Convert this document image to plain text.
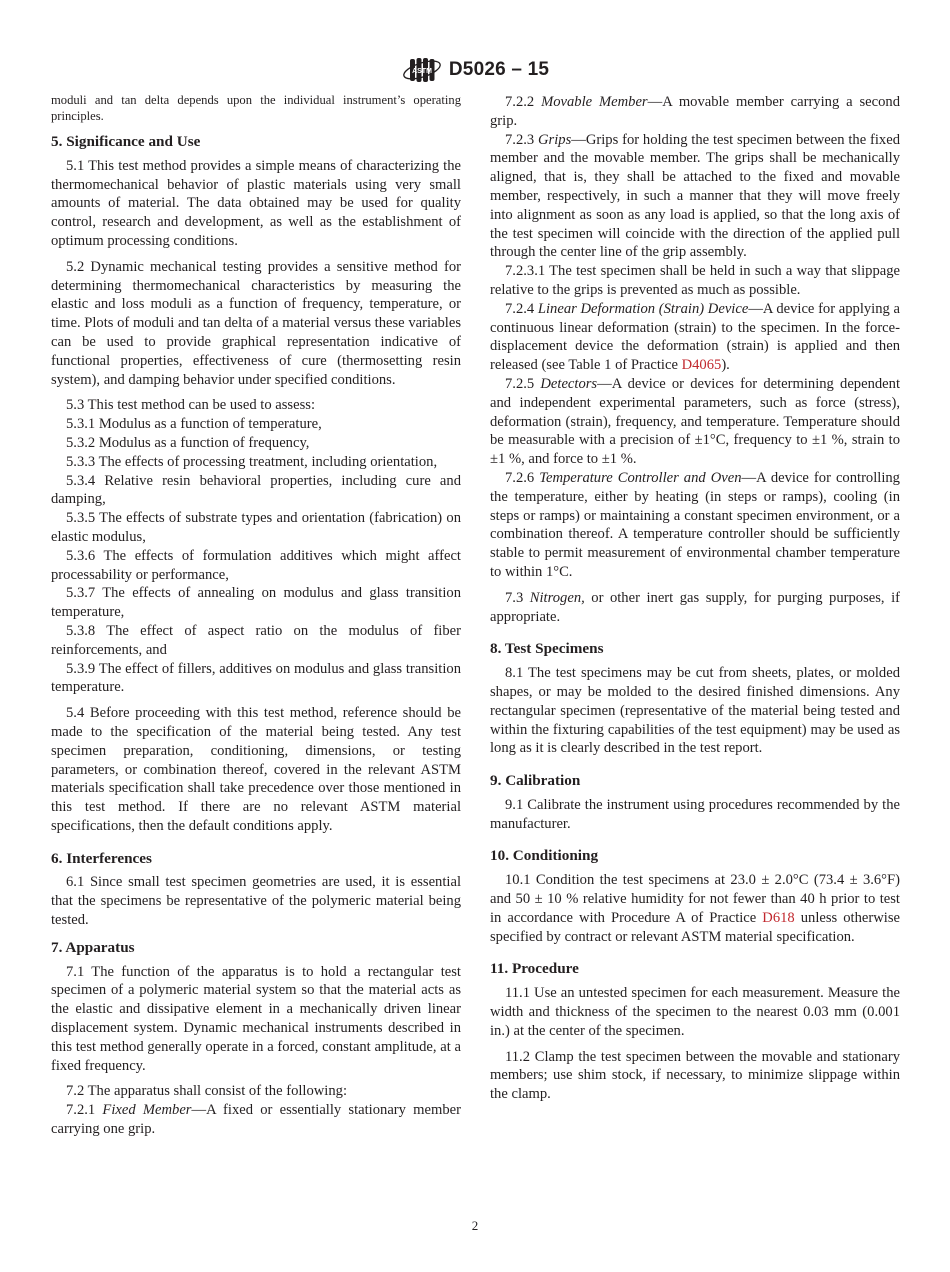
ASTM D5026 – 15

moduli and tan delta depends upon the individual instrument’s operating principles.

5. Significance and Use

5.1 This test method provides a simple means of characterizing the thermomechanical behavior of plastic materials using very small amounts of material. The data obtained may be used for quality control, research and development, as well as the establishment of optimum processing conditions.

5.2 Dynamic mechanical testing provides a sensitive method for determining thermomechanical characteristics by measuring the elastic and loss moduli as a function of frequency, temperature, or time. Plots of moduli and tan delta of a material versus these variables can be used to provide graphical representation indicative of functional properties, effectiveness of cure (thermosetting resin system), and damping behavior under specified conditions.

5.3 This test method can be used to assess:

5.3.1 Modulus as a function of temperature,

5.3.2 Modulus as a function of frequency,

5.3.3 The effects of processing treatment, including orientation,

5.3.4 Relative resin behavioral properties, including cure and damping,

5.3.5 The effects of substrate types and orientation (fabrication) on elastic modulus,

5.3.6 The effects of formulation additives which might affect processability or performance,

5.3.7 The effects of annealing on modulus and glass transition temperature,

5.3.8 The effect of aspect ratio on the modulus of fiber reinforcements, and

5.3.9 The effect of fillers, additives on modulus and glass transition temperature.

5.4 Before proceeding with this test method, reference should be made to the specification of the material being tested. Any test specimen preparation, conditioning, dimensions, or testing parameters, or combination thereof, covered in the relevant ASTM materials specification shall take precedence over those mentioned in this test method. If there are no relevant ASTM material specifications, then the default conditions apply.

6. Interferences

6.1 Since small test specimen geometries are used, it is essential that the specimens be representative of the polymeric material being tested.

7. Apparatus

7.1 The function of the apparatus is to hold a rectangular test specimen of a polymeric material system so that the material acts as the elastic and dissipative element in a mechanically driven linear displacement system. Dynamic mechanical instruments described in this test method generally operate in a forced, constant amplitude, at a fixed frequency.

7.2 The apparatus shall consist of the following:

7.2.1 Fixed Member—A fixed or essentially stationary member carrying one grip.

7.2.2 Movable Member—A movable member carrying a second grip.

7.2.3 Grips—Grips for holding the test specimen between the fixed member and the movable member. The grips shall be mechanically aligned, that is, they shall be attached to the fixed and movable member, respectively, in such a manner that they will move freely into alignment as soon as any load is applied, so that the long axis of the test specimen will coincide with the direction of the applied pull through the center line of the grip assembly.

7.2.3.1 The test specimen shall be held in such a way that slippage relative to the grips is prevented as much as possible.

7.2.4 Linear Deformation (Strain) Device—A device for applying a continuous linear deformation (strain) to the specimen. In the force-displacement device the deformation (strain) is applied and then released (see Table 1 of Practice D4065).

7.2.5 Detectors—A device or devices for determining dependent and independent experimental parameters, such as force (stress), deformation (strain), frequency, and temperature. Temperature should be measurable with a precision of ±1°C, frequency to ±1 %, strain to ±1 %, and force to ±1 %.

7.2.6 Temperature Controller and Oven—A device for controlling the temperature, either by heating (in steps or ramps), cooling (in steps or ramps) or maintaining a constant specimen environment, or a combination thereof. A temperature controller should be sufficiently stable to permit measurement of environmental chamber temperature to within 1°C.

7.3 Nitrogen, or other inert gas supply, for purging purposes, if appropriate.

8. Test Specimens

8.1 The test specimens may be cut from sheets, plates, or molded shapes, or may be molded to the desired finished dimensions. Any rectangular specimen (representative of the material being tested and within the fixturing capabilities of the test equipment) may be used as long as it is clearly described in the test report.

9. Calibration

9.1 Calibrate the instrument using procedures recommended by the manufacturer.

10. Conditioning

10.1 Condition the test specimens at 23.0 ± 2.0°C (73.4 ± 3.6°F) and 50 ± 10 % relative humidity for not fewer than 40 h prior to test in accordance with Procedure A of Practice D618 unless otherwise specified by contract or relevant ASTM material specification.

11. Procedure

11.1 Use an untested specimen for each measurement. Measure the width and thickness of the specimen to the nearest 0.03 mm (0.001 in.) at the center of the specimen.

11.2 Clamp the test specimen between the movable and stationary members; use shim stock, if necessary, to minimize slippage within the clamp.

2
